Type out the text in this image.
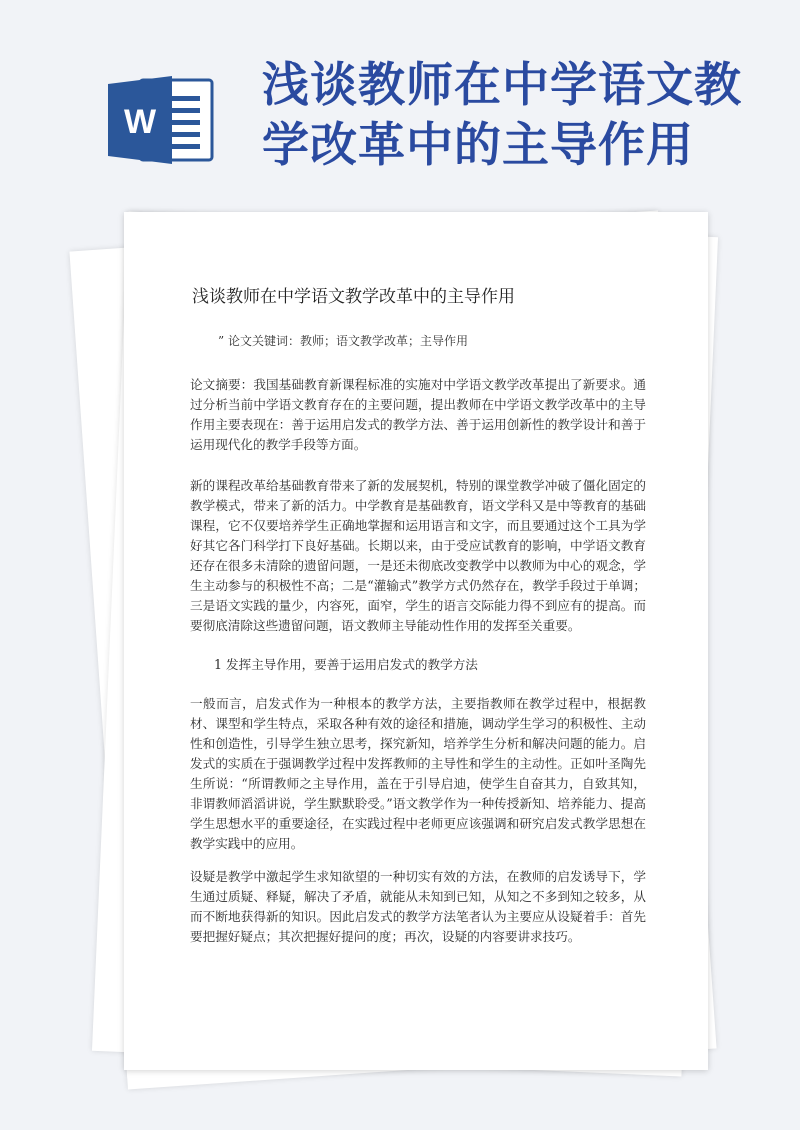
W
浅谈教师在中学语文教学改革中的主导作用
浅谈教师在中学语文教学改革中的主导作用
” 论文关键词：教师；语文教学改革；主导作用
论文摘要：我国基础教育新课程标准的实施对中学语文教学改革提出了新要求。通过分析当前中学语文教育存在的主要问题，提出教师在中学语文教学改革中的主导作用主要表现在：善于运用启发式的教学方法、善于运用创新性的教学设计和善于运用现代化的教学手段等方面。
新的课程改革给基础教育带来了新的发展契机，特别的课堂教学冲破了僵化固定的教学模式，带来了新的活力。中学教育是基础教育，语文学科又是中等教育的基础课程，它不仅要培养学生正确地掌握和运用语言和文字，而且要通过这个工具为学好其它各门科学打下良好基础。长期以来，由于受应试教育的影响，中学语文教育还存在很多未清除的遗留问题，一是还未彻底改变教学中以教师为中心的观念，学生主动参与的积极性不高；二是“灌输式”教学方式仍然存在，教学手段过于单调；三是语文实践的量少，内容死，面窄，学生的语言交际能力得不到应有的提高。而要彻底清除这些遗留问题，语文教师主导能动性作用的发挥至关重要。
1 发挥主导作用，要善于运用启发式的教学方法
一般而言，启发式作为一种根本的教学方法，主要指教师在教学过程中，根据教材、课型和学生特点，采取各种有效的途径和措施，调动学生学习的积极性、主动性和创造性，引导学生独立思考，探究新知，培养学生分析和解决问题的能力。启发式的实质在于强调教学过程中发挥教师的主导性和学生的主动性。正如叶圣陶先生所说：“所谓教师之主导作用，盖在于引导启迪，使学生自奋其力，自致其知，非谓教师滔滔讲说，学生默默聆受。”语文教学作为一种传授新知、培养能力、提高学生思想水平的重要途径，在实践过程中老师更应该强调和研究启发式教学思想在教学实践中的应用。
设疑是教学中激起学生求知欲望的一种切实有效的方法，在教师的启发诱导下，学生通过质疑、释疑，解决了矛盾，就能从未知到已知，从知之不多到知之较多，从而不断地获得新的知识。因此启发式的教学方法笔者认为主要应从设疑着手：首先要把握好疑点；其次把握好提问的度；再次，设疑的内容要讲求技巧。
